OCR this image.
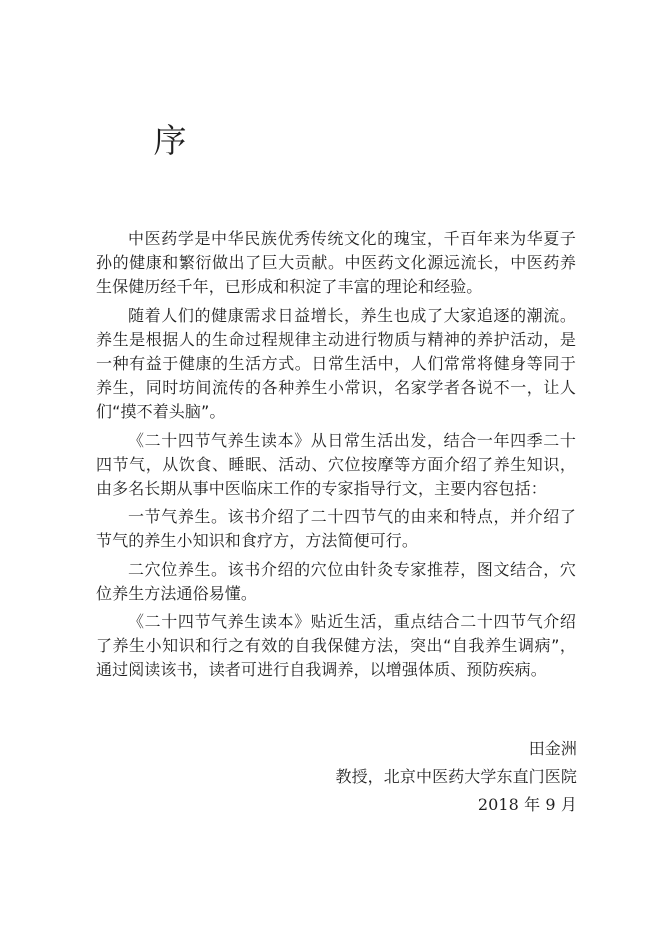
序

中医药学是中华民族优秀传统文化的瑰宝，千百年来为华夏子孙的健康和繁衍做出了巨大贡献。中医药文化源远流长，中医药养生保健历经千年，已形成和积淀了丰富的理论和经验。

随着人们的健康需求日益增长，养生也成了大家追逐的潮流。养生是根据人的生命过程规律主动进行物质与精神的养护活动，是一种有益于健康的生活方式。日常生活中，人们常常将健身等同于养生，同时坊间流传的各种养生小常识，名家学者各说不一，让人们“摸不着头脑”。

《二十四节气养生读本》从日常生活出发，结合一年四季二十四节气，从饮食、睡眠、活动、穴位按摩等方面介绍了养生知识，由多名长期从事中医临床工作的专家指导行文，主要内容包括：

一节气养生。该书介绍了二十四节气的由来和特点，并介绍了节气的养生小知识和食疗方，方法简便可行。

二穴位养生。该书介绍的穴位由针灸专家推荐，图文结合，穴位养生方法通俗易懂。

《二十四节气养生读本》贴近生活，重点结合二十四节气介绍了养生小知识和行之有效的自我保健方法，突出“自我养生调病”，通过阅读该书，读者可进行自我调养，以增强体质、预防疾病。

田金洲
教授，北京中医药大学东直门医院
2018 年 9 月
